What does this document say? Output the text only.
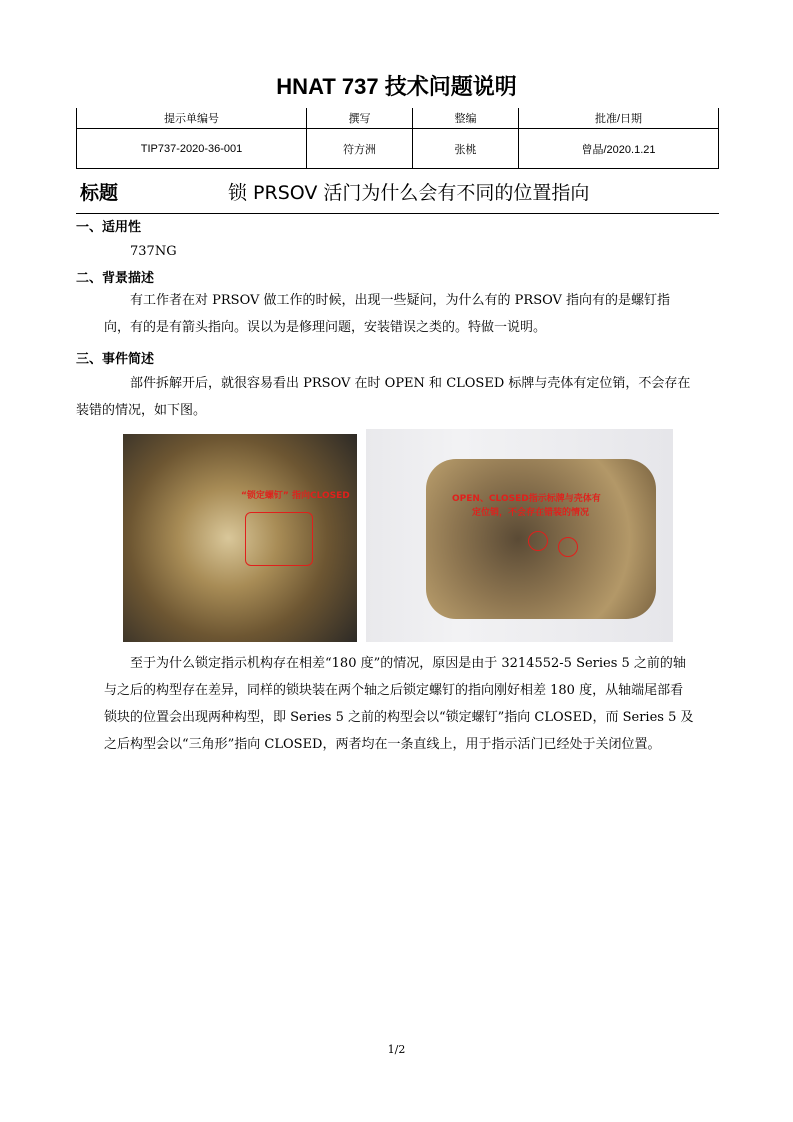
HNAT 737 技术问题说明
提示单编号	撰写	整编	批准/日期
TIP737-2020-36-001	符方洲	张桃	曾晶/2020.1.21
标题	锁 PRSOV 活门为什么会有不同的位置指向
一、适用性
737NG
二、背景描述
有工作者在对 PRSOV 做工作的时候，出现一些疑问，为什么有的 PRSOV 指向有的是螺钉指向，有的是有箭头指向。误以为是修理问题，安装错误之类的。特做一说明。
三、事件简述
部件拆解开后，就很容易看出 PRSOV 在时 OPEN 和 CLOSED 标牌与壳体有定位销，不会存在装错的情况，如下图。
“锁定螺钉” 指向CLOSED	OPEN、CLOSED指示标牌与壳体有
定位销，不会存在错装的情况
至于为什么锁定指示机构存在相差“180 度”的情况，原因是由于 3214552-5 Series 5 之前的轴与之后的构型存在差异，同样的锁块装在两个轴之后锁定螺钉的指向刚好相差 180 度，从轴端尾部看锁块的位置会出现两种构型，即 Series 5 之前的构型会以“锁定螺钉”指向 CLOSED，而 Series 5 及之后构型会以“三角形”指向 CLOSED，两者均在一条直线上，用于指示活门已经处于关闭位置。
1/2
